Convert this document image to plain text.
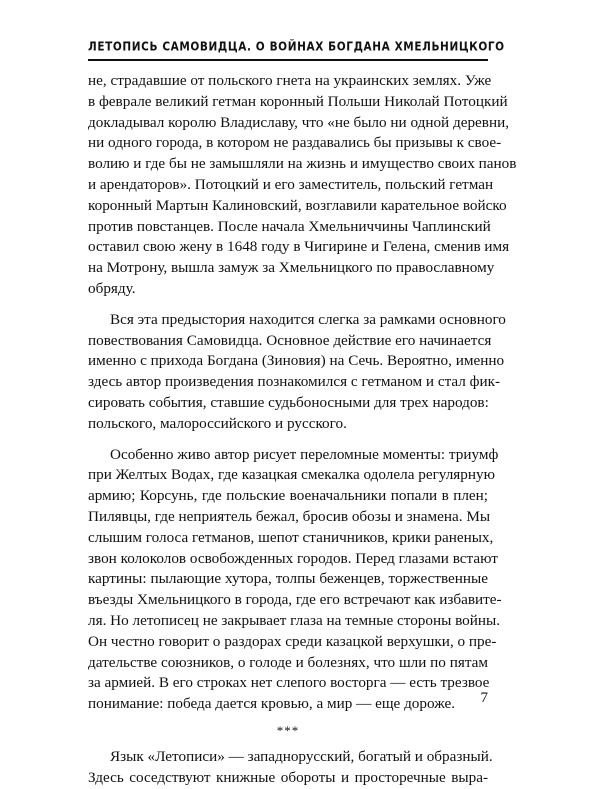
ЛЕТОПИСЬ САМОВИДЦА. О ВОЙНАХ БОГДАНА ХМЕЛЬНИЦКОГО
не, страдавшие от польского гнета на украинских землях. Уже
в феврале великий гетман коронный Польши Николай Потоцкий
докладывал королю Владиславу, что «не было ни одной деревни,
ни одного города, в котором не раздавались бы призывы к свое-
волию и где бы не замышляли на жизнь и имущество своих панов
и арендаторов». Потоцкий и его заместитель, польский гетман
коронный Мартын Калиновский, возглавили карательное войско
против повстанцев. После начала Хмельниччины Чаплинский
оставил свою жену в 1648 году в Чигирине и Гелена, сменив имя
на Мотрону, вышла замуж за Хмельницкого по православному
обряду.
Вся эта предыстория находится слегка за рамками основного
повествования Самовидца. Основное действие его начинается
именно с прихода Богдана (Зиновия) на Сечь. Вероятно, именно
здесь автор произведения познакомился с гетманом и стал фик-
сировать события, ставшие судьбоносными для трех народов:
польского, малороссийского и русского.
Особенно живо автор рисует переломные моменты: триумф
при Желтых Водах, где казацкая смекалка одолела регулярную
армию; Корсунь, где польские военачальники попали в плен;
Пилявцы, где неприятель бежал, бросив обозы и знамена. Мы
слышим голоса гетманов, шепот станичников, крики раненых,
звон колоколов освобожденных городов. Перед глазами встают
картины: пылающие хутора, толпы беженцев, торжественные
въезды Хмельницкого в города, где его встречают как избавите-
ля. Но летописец не закрывает глаза на темные стороны войны.
Он честно говорит о раздорах среди казацкой верхушки, о пре-
дательстве союзников, о голоде и болезнях, что шли по пятам
за армией. В его строках нет слепого восторга — есть трезвое
понимание: победа дается кровью, а мир — еще дороже.
***
Язык «Летописи» — западнорусский, богатый и образный.
Здесь соседствуют книжные обороты и просторечные выра-
7
